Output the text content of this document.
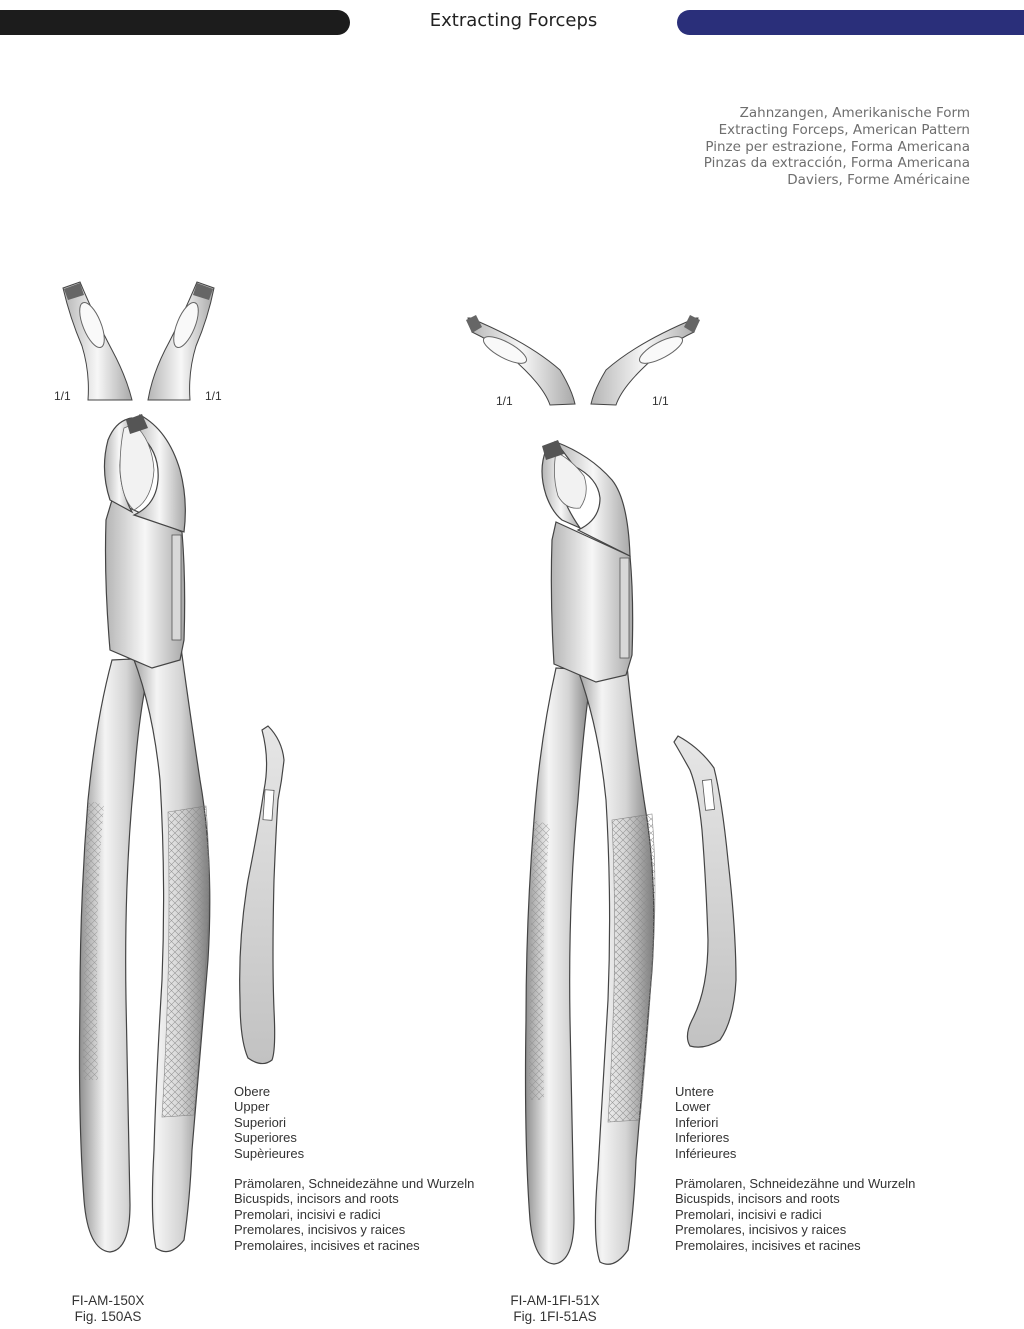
Extracting Forceps
Zahnzangen, Amerikanische Form
Extracting Forceps, American Pattern
Pinze per estrazione, Forma Americana
Pinzas da extracción, Forma Americana
Daviers, Forme Américaine
1/1	1/1	1/1	1/1
Obere
Upper
Superiori
Superiores
Supèrieures
Prämolaren, Schneidezähne und Wurzeln
Bicuspids, incisors and roots
Premolari, incisivi e radici
Premolares, incisivos y raices
Premolaires, incisives et racines
Untere
Lower
Inferiori
Inferiores
Inférieures
Prämolaren, Schneidezähne und Wurzeln
Bicuspids, incisors and roots
Premolari, incisivi e radici
Premolares, incisivos y raices
Premolaires, incisives et racines
FI-AM-150X
Fig. 150AS
FI-AM-1FI-51X
Fig. 1FI-51AS
